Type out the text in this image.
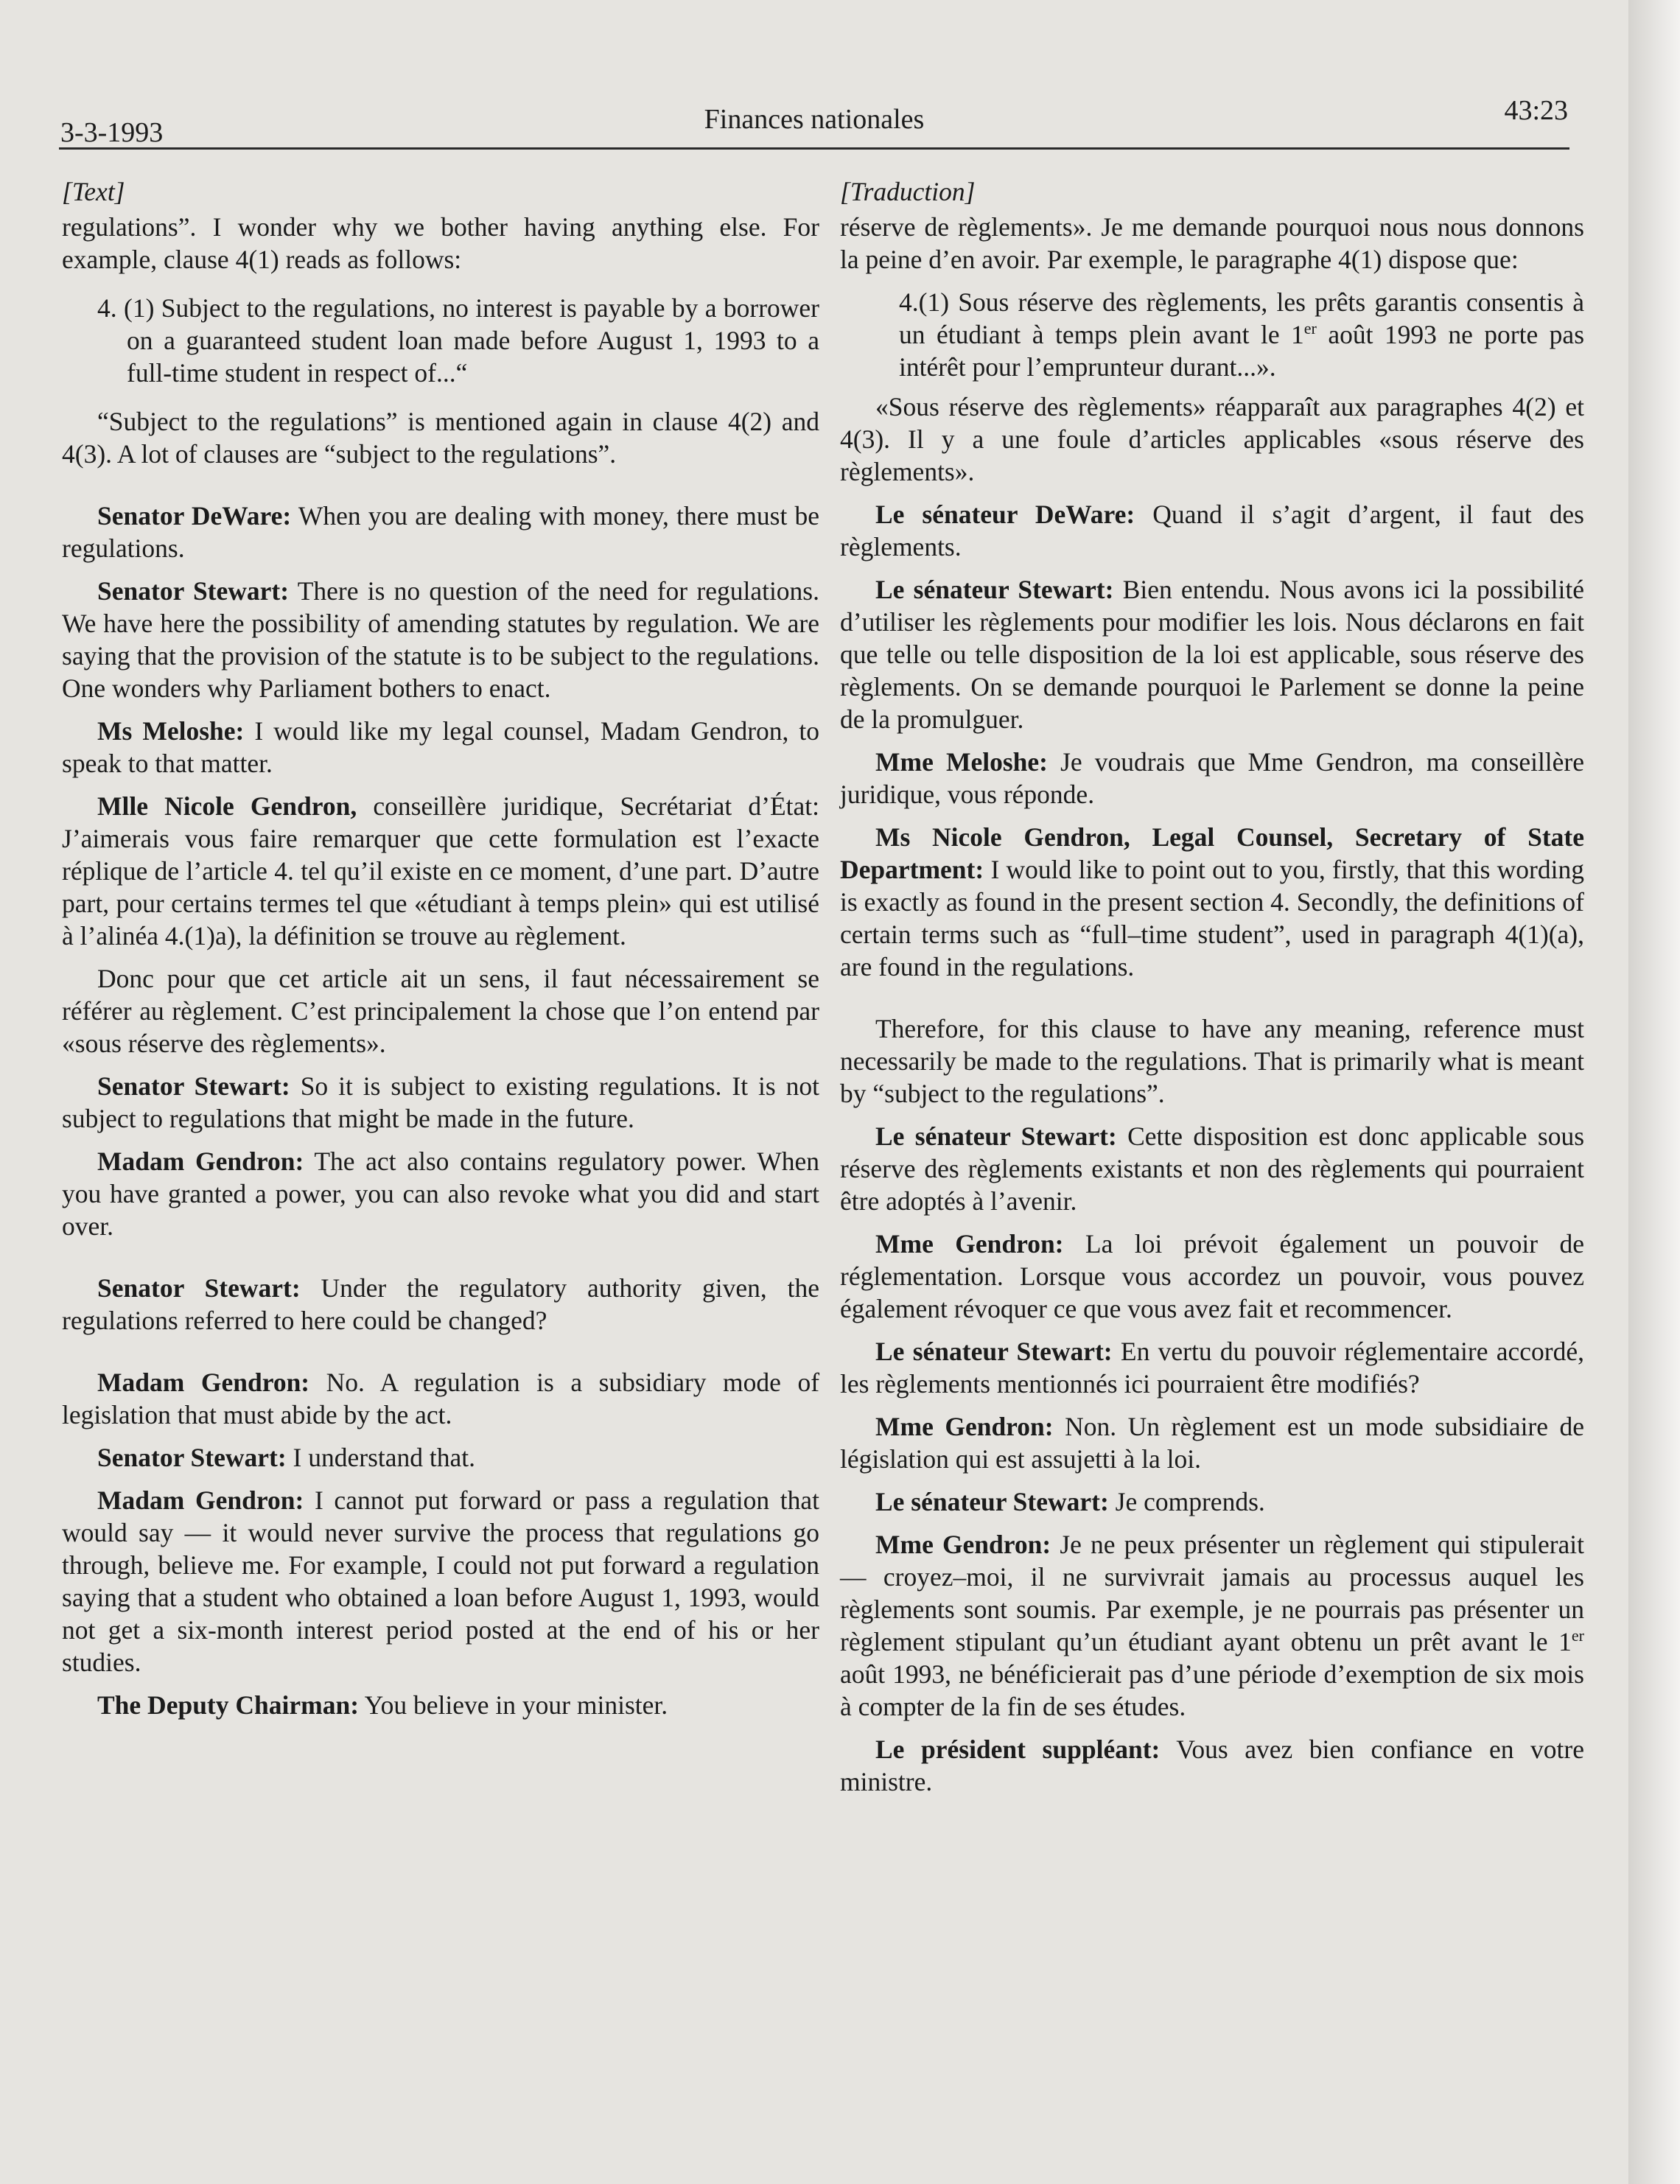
3-3-1993	Finances nationales	43:23

[Text]

regulations”. I wonder why we bother having anything else. For example, clause 4(1) reads as follows:

4. (1) Subject to the regulations, no interest is payable by a borrower on a guaranteed student loan made before August 1, 1993 to a full-time student in respect of...“

“Subject to the regulations” is mentioned again in clause 4(2) and 4(3). A lot of clauses are “subject to the regulations”.

Senator DeWare: When you are dealing with money, there must be regulations.

Senator Stewart: There is no question of the need for regulations. We have here the possibility of amending statutes by regulation. We are saying that the provision of the statute is to be subject to the regulations. One wonders why Parliament bothers to enact.

Ms Meloshe: I would like my legal counsel, Madam Gendron, to speak to that matter.

Mlle Nicole Gendron, conseillère juridique, Secrétariat d’État: J’aimerais vous faire remarquer que cette formulation est l’exacte réplique de l’article 4. tel qu’il existe en ce moment, d’une part. D’autre part, pour certains termes tel que «étudiant à temps plein» qui est utilisé à l’alinéa 4.(1)a), la définition se trouve au règlement.

Donc pour que cet article ait un sens, il faut nécessairement se référer au règlement. C’est principalement la chose que l’on entend par «sous réserve des règlements».

Senator Stewart: So it is subject to existing regulations. It is not subject to regulations that might be made in the future.

Madam Gendron: The act also contains regulatory power. When you have granted a power, you can also revoke what you did and start over.

Senator Stewart: Under the regulatory authority given, the regulations referred to here could be changed?

Madam Gendron: No. A regulation is a subsidiary mode of legislation that must abide by the act.

Senator Stewart: I understand that.

Madam Gendron: I cannot put forward or pass a regulation that would say — it would never survive the process that regulations go through, believe me. For example, I could not put forward a regulation saying that a student who obtained a loan before August 1, 1993, would not get a six-month interest period posted at the end of his or her studies.

The Deputy Chairman: You believe in your minister.

[Traduction]

réserve de règlements». Je me demande pourquoi nous nous donnons la peine d’en avoir. Par exemple, le paragraphe 4(1) dispose que:

4.(1) Sous réserve des règlements, les prêts garantis consentis à un étudiant à temps plein avant le 1er août 1993 ne porte pas intérêt pour l’emprunteur durant...».

«Sous réserve des règlements» réapparaît aux paragraphes 4(2) et 4(3). Il y a une foule d’articles applicables «sous réserve des règlements».

Le sénateur DeWare: Quand il s’agit d’argent, il faut des règlements.

Le sénateur Stewart: Bien entendu. Nous avons ici la possibilité d’utiliser les règlements pour modifier les lois. Nous déclarons en fait que telle ou telle disposition de la loi est applicable, sous réserve des règlements. On se demande pourquoi le Parlement se donne la peine de la promulguer.

Mme Meloshe: Je voudrais que Mme Gendron, ma conseillère juridique, vous réponde.

Ms Nicole Gendron, Legal Counsel, Secretary of State Department: I would like to point out to you, firstly, that this wording is exactly as found in the present section 4. Secondly, the definitions of certain terms such as “full–time student”, used in paragraph 4(1)(a), are found in the regulations.

Therefore, for this clause to have any meaning, reference must necessarily be made to the regulations. That is primarily what is meant by “subject to the regulations”.

Le sénateur Stewart: Cette disposition est donc applicable sous réserve des règlements existants et non des règlements qui pourraient être adoptés à l’avenir.

Mme Gendron: La loi prévoit également un pouvoir de réglementation. Lorsque vous accordez un pouvoir, vous pouvez également révoquer ce que vous avez fait et recommencer.

Le sénateur Stewart: En vertu du pouvoir réglementaire accordé, les règlements mentionnés ici pourraient être modifiés?

Mme Gendron: Non. Un règlement est un mode subsidiaire de législation qui est assujetti à la loi.

Le sénateur Stewart: Je comprends.

Mme Gendron: Je ne peux présenter un règlement qui stipulerait — croyez–moi, il ne survivrait jamais au processus auquel les règlements sont soumis. Par exemple, je ne pourrais pas présenter un règlement stipulant qu’un étudiant ayant obtenu un prêt avant le 1er août 1993, ne bénéficierait pas d’une période d’exemption de six mois à compter de la fin de ses études.

Le président suppléant: Vous avez bien confiance en votre ministre.
